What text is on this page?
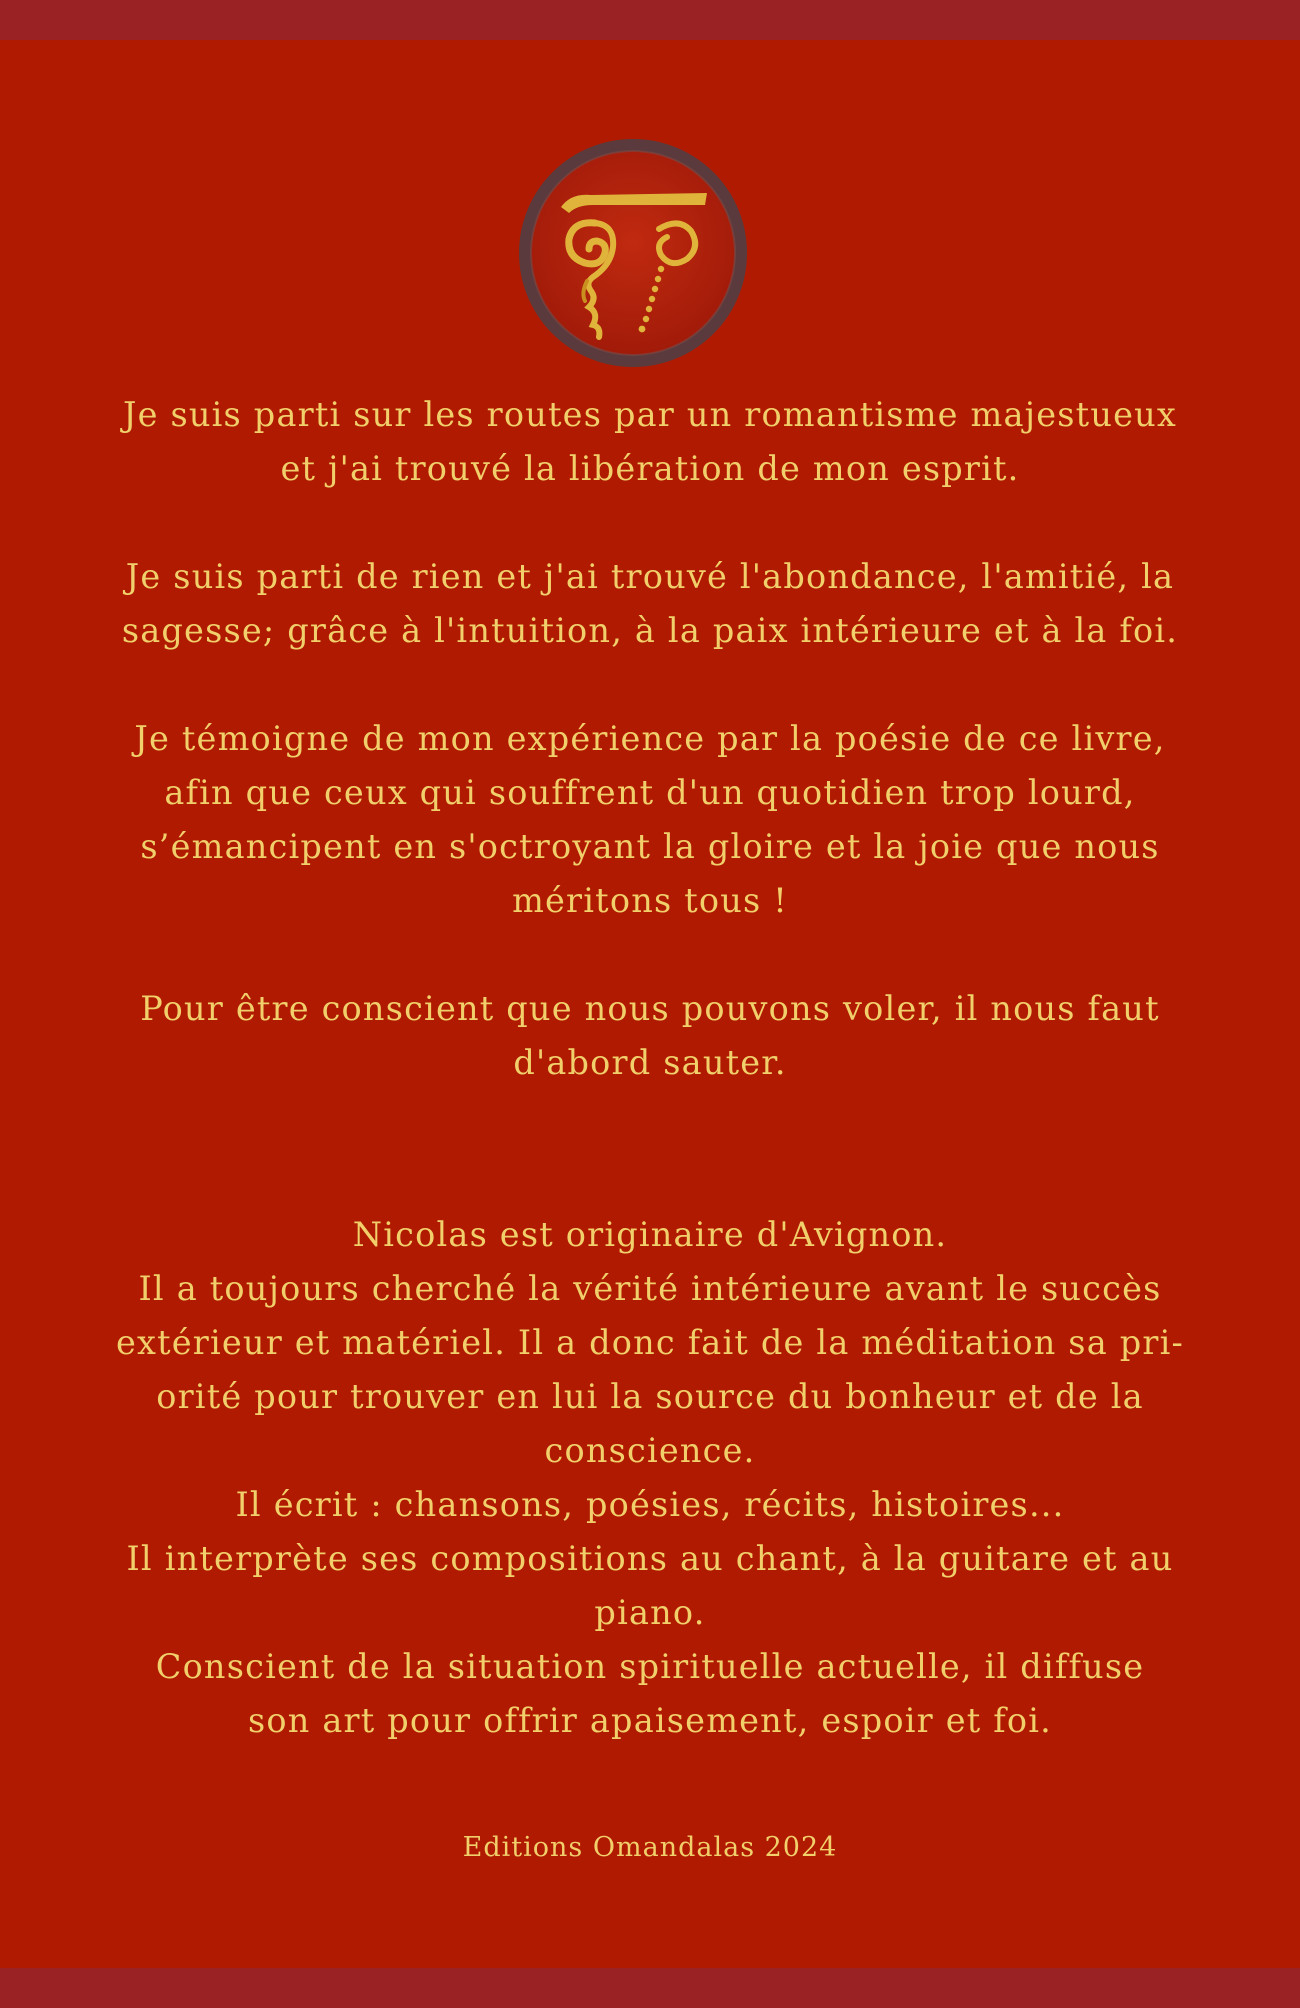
Je suis parti sur les routes par un romantisme majestueux
et j'ai trouvé la libération de mon esprit.

Je suis parti de rien et j'ai trouvé l'abondance, l'amitié, la
sagesse; grâce à l'intuition, à la paix intérieure et à la foi.

Je témoigne de mon expérience par la poésie de ce livre,
afin que ceux qui souffrent d'un quotidien trop lourd,
s’émancipent en s'octroyant la gloire et la joie que nous
méritons tous !

Pour être conscient que nous pouvons voler, il nous faut
d'abord sauter.

Nicolas est originaire d'Avignon.
Il a toujours cherché la vérité intérieure avant le succès
extérieur et matériel. Il a donc fait de la méditation sa pri-
orité pour trouver en lui la source du bonheur et de la
conscience.
Il écrit : chansons, poésies, récits, histoires...
Il interprète ses compositions au chant, à la guitare et au
piano.
Conscient de la situation spirituelle actuelle, il diffuse
son art pour offrir apaisement, espoir et foi.

Editions Omandalas 2024
